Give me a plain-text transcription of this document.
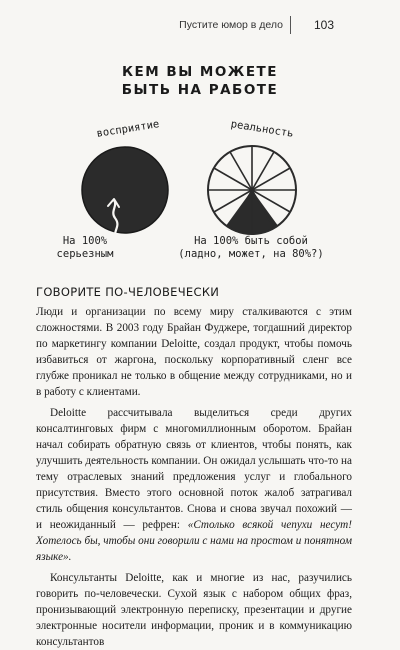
Пустите юмор в дело	103
КЕМ ВЫ МОЖЕТЕ
БЫТЬ НА РАБОТЕ
восприятие	реальность
На 100%
серьезным
На 100% быть собой
(ладно, может, на 80%?)
ГОВОРИТЕ ПО-ЧЕЛОВЕЧЕСКИ

Люди и организации по всему миру сталкиваются с этим сложностями. В 2003 году Брайан Фуджере, тогдашний директор по маркетингу компании Deloitte, создал продукт, чтобы помочь избавиться от жаргона, поскольку корпоративный сленг все глубже проникал не только в общение между сотрудниками, но и в работу с клиентами.

Deloitte рассчитывала выделиться среди других консалтинговых фирм с многомиллионным оборотом. Брайан начал собирать обратную связь от клиентов, чтобы понять, как улучшить деятельность компании. Он ожидал услышать что-то на тему отраслевых знаний предложения услуг и глобального присутствия. Вместо этого основной поток жалоб затрагивал стиль общения консультантов. Снова и снова звучал похожий — и неожиданный — рефрен: «Столько всякой чепухи несут! Хотелось бы, чтобы они говорили с нами на простом и понятном языке».

Консультанты Deloitte, как и многие из нас, разучились говорить по-человечески. Сухой язык с набором общих фраз, пронизывающий электронную переписку, презентации и другие электронные носители информации, проник и в коммуникацию консультантов
